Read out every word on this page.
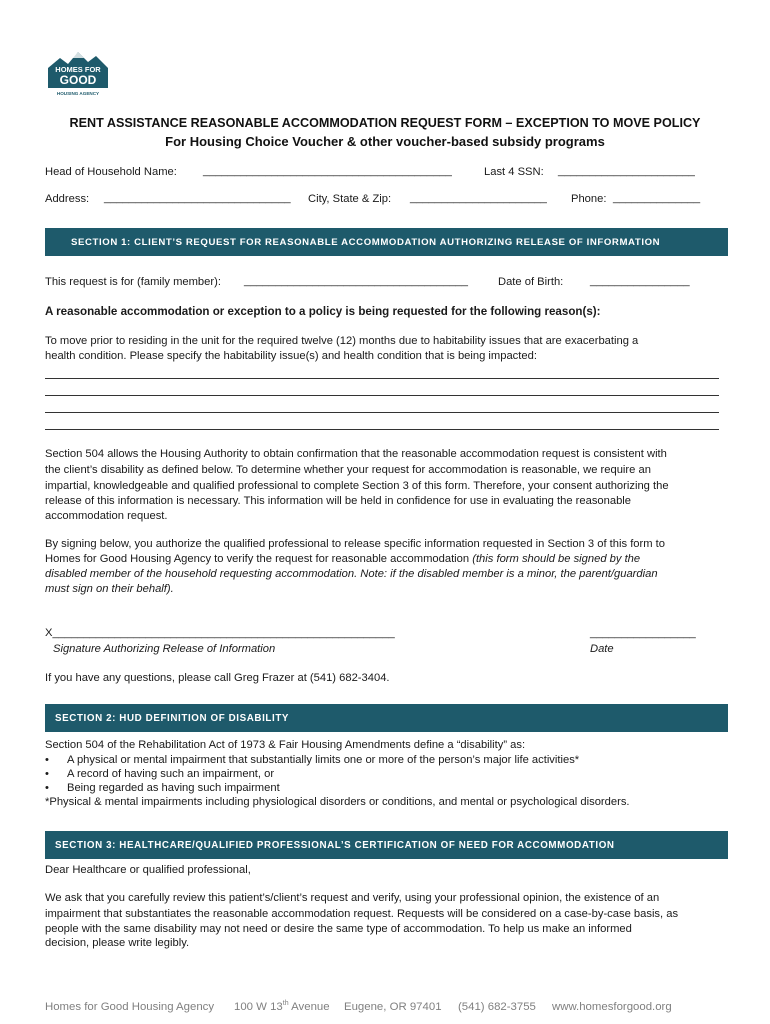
HOMES FOR
GOOD
HOUSING AGENCY
RENT ASSISTANCE REASONABLE ACCOMMODATION REQUEST FORM – EXCEPTION TO MOVE POLICY
For Housing Choice Voucher & other voucher-based subsidy programs
Head of Household Name: ________________________________________	Last 4 SSN: ______________________
Address: ______________________________ City, State & Zip: ______________________ Phone: ______________
SECTION 1: CLIENT’S REQUEST FOR REASONABLE ACCOMMODATION AUTHORIZING RELEASE OF INFORMATION
This request is for (family member): ____________________________________	Date of Birth: ________________
A reasonable accommodation or exception to a policy is being requested for the following reason(s):
To move prior to residing in the unit for the required twelve (12) months due to habitability issues that are exacerbating a
health condition. Please specify the habitability issue(s) and health condition that is being impacted:
Section 504 allows the Housing Authority to obtain confirmation that the reasonable accommodation request is consistent with
the client’s disability as defined below. To determine whether your request for accommodation is reasonable, we require an
impartial, knowledgeable and qualified professional to complete Section 3 of this form. Therefore, your consent authorizing the
release of this information is necessary. This information will be held in confidence for use in evaluating the reasonable
accommodation request.
By signing below, you authorize the qualified professional to release specific information requested in Section 3 of this form to
Homes for Good Housing Agency to verify the request for reasonable accommodation (this form should be signed by the
disabled member of the household requesting accommodation. Note: if the disabled member is a minor, the parent/guardian
must sign on their behalf).
X_______________________________________________________
Signature Authorizing Release of Information
_________________
Date
If you have any questions, please call Greg Frazer at (541) 682-3404.
SECTION 2: HUD DEFINITION OF DISABILITY
Section 504 of the Rehabilitation Act of 1973 & Fair Housing Amendments define a “disability” as:
• A physical or mental impairment that substantially limits one or more of the person’s major life activities*
• A record of having such an impairment, or
• Being regarded as having such impairment
*Physical & mental impairments including physiological disorders or conditions, and mental or psychological disorders.
SECTION 3: HEALTHCARE/QUALIFIED PROFESSIONAL’S CERTIFICATION OF NEED FOR ACCOMMODATION
Dear Healthcare or qualified professional,
We ask that you carefully review this patient’s/client’s request and verify, using your professional opinion, the existence of an
impairment that substantiates the reasonable accommodation request. Requests will be considered on a case-by-case basis, as
people with the same disability may not need or desire the same type of accommodation. To help us make an informed
decision, please write legibly.
Homes for Good Housing Agency 100 W 13th Avenue Eugene, OR 97401 (541) 682-3755 www.homesforgood.org
